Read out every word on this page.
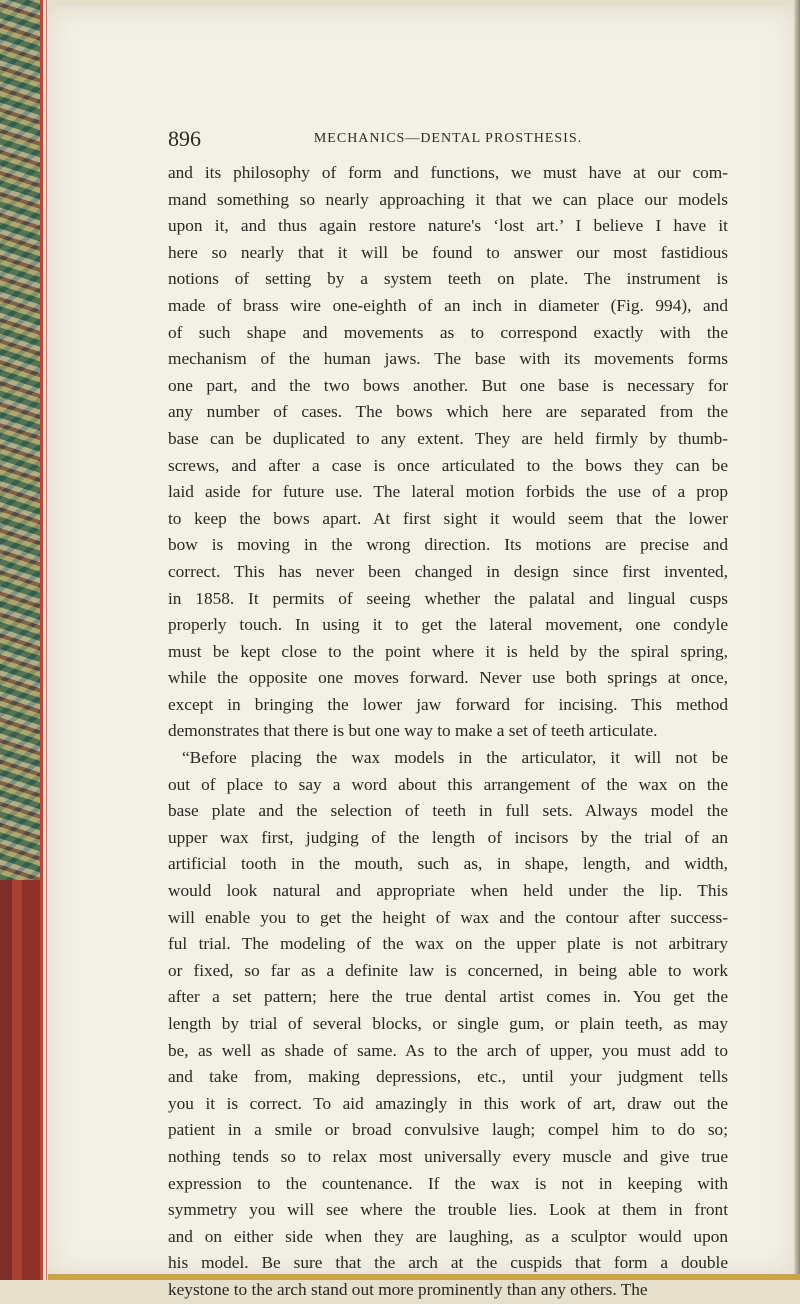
896	MECHANICS—DENTAL PROSTHESIS.

and its philosophy of form and functions, we must have at our com-

mand something so nearly approaching it that we can place our models

upon it, and thus again restore nature's ‘lost art.’ I believe I have it

here so nearly that it will be found to answer our most fastidious

notions of setting by a system teeth on plate. The instrument is

made of brass wire one-eighth of an inch in diameter (Fig. 994), and

of such shape and movements as to correspond exactly with the

mechanism of the human jaws. The base with its movements forms

one part, and the two bows another. But one base is necessary for

any number of cases. The bows which here are separated from the

base can be duplicated to any extent. They are held firmly by thumb-

screws, and after a case is once articulated to the bows they can be

laid aside for future use. The lateral motion forbids the use of a prop

to keep the bows apart. At first sight it would seem that the lower

bow is moving in the wrong direction. Its motions are precise and

correct. This has never been changed in design since first invented,

in 1858. It permits of seeing whether the palatal and lingual cusps

properly touch. In using it to get the lateral movement, one condyle

must be kept close to the point where it is held by the spiral spring,

while the opposite one moves forward. Never use both springs at once,

except in bringing the lower jaw forward for incising. This method

demonstrates that there is but one way to make a set of teeth articulate.

“Before placing the wax models in the articulator, it will not be

out of place to say a word about this arrangement of the wax on the

base plate and the selection of teeth in full sets. Always model the

upper wax first, judging of the length of incisors by the trial of an

artificial tooth in the mouth, such as, in shape, length, and width,

would look natural and appropriate when held under the lip. This

will enable you to get the height of wax and the contour after success-

ful trial. The modeling of the wax on the upper plate is not arbitrary

or fixed, so far as a definite law is concerned, in being able to work

after a set pattern; here the true dental artist comes in. You get the

length by trial of several blocks, or single gum, or plain teeth, as may

be, as well as shade of same. As to the arch of upper, you must add to

and take from, making depressions, etc., until your judgment tells

you it is correct. To aid amazingly in this work of art, draw out the

patient in a smile or broad convulsive laugh; compel him to do so;

nothing tends so to relax most universally every muscle and give true

expression to the countenance. If the wax is not in keeping with

symmetry you will see where the trouble lies. Look at them in front

and on either side when they are laughing, as a sculptor would upon

his model. Be sure that the arch at the cuspids that form a double

keystone to the arch stand out more prominently than any others. The
